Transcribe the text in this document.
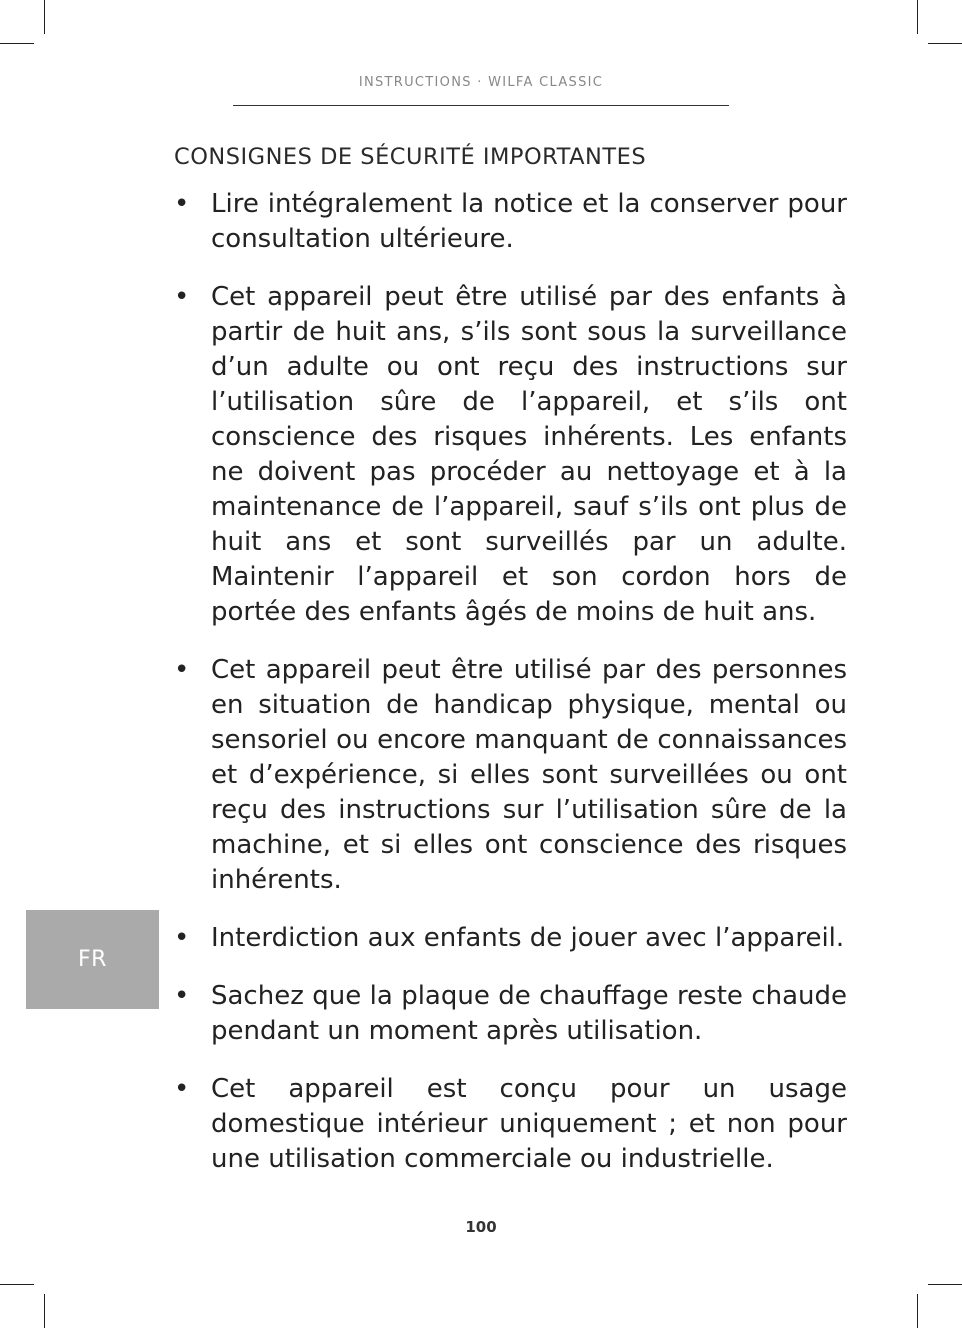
INSTRUCTIONS · WILFA CLASSIC
CONSIGNES DE SÉCURITÉ IMPORTANTES
• Lire intégralement la notice et la conserver pour consultation ultérieure.
• Cet appareil peut être utilisé par des enfants à partir de huit ans, s’ils sont sous la surveillance d’un adulte ou ont reçu des instructions sur l’utilisation sûre de l’appareil, et s’ils ont conscience des risques inhérents. Les enfants ne doivent pas procéder au nettoyage et à la maintenance de l’appareil, sauf s’ils ont plus de huit ans et sont surveillés par un adulte. Maintenir l’appareil et son cordon hors de portée des enfants âgés de moins de huit ans.
• Cet appareil peut être utilisé par des personnes en situation de handicap physique, mental ou sensoriel ou encore manquant de connaissances et d’expérience, si elles sont surveillées ou ont reçu des instructions sur l’utilisation sûre de la machine, et si elles ont conscience des risques inhérents.
• Interdiction aux enfants de jouer avec l’appareil.
• Sachez que la plaque de chauffage reste chaude pendant un moment après utilisation.
• Cet appareil est conçu pour un usage domestique intérieur uniquement ; et non pour une utilisation commerciale ou industrielle.
FR
100
